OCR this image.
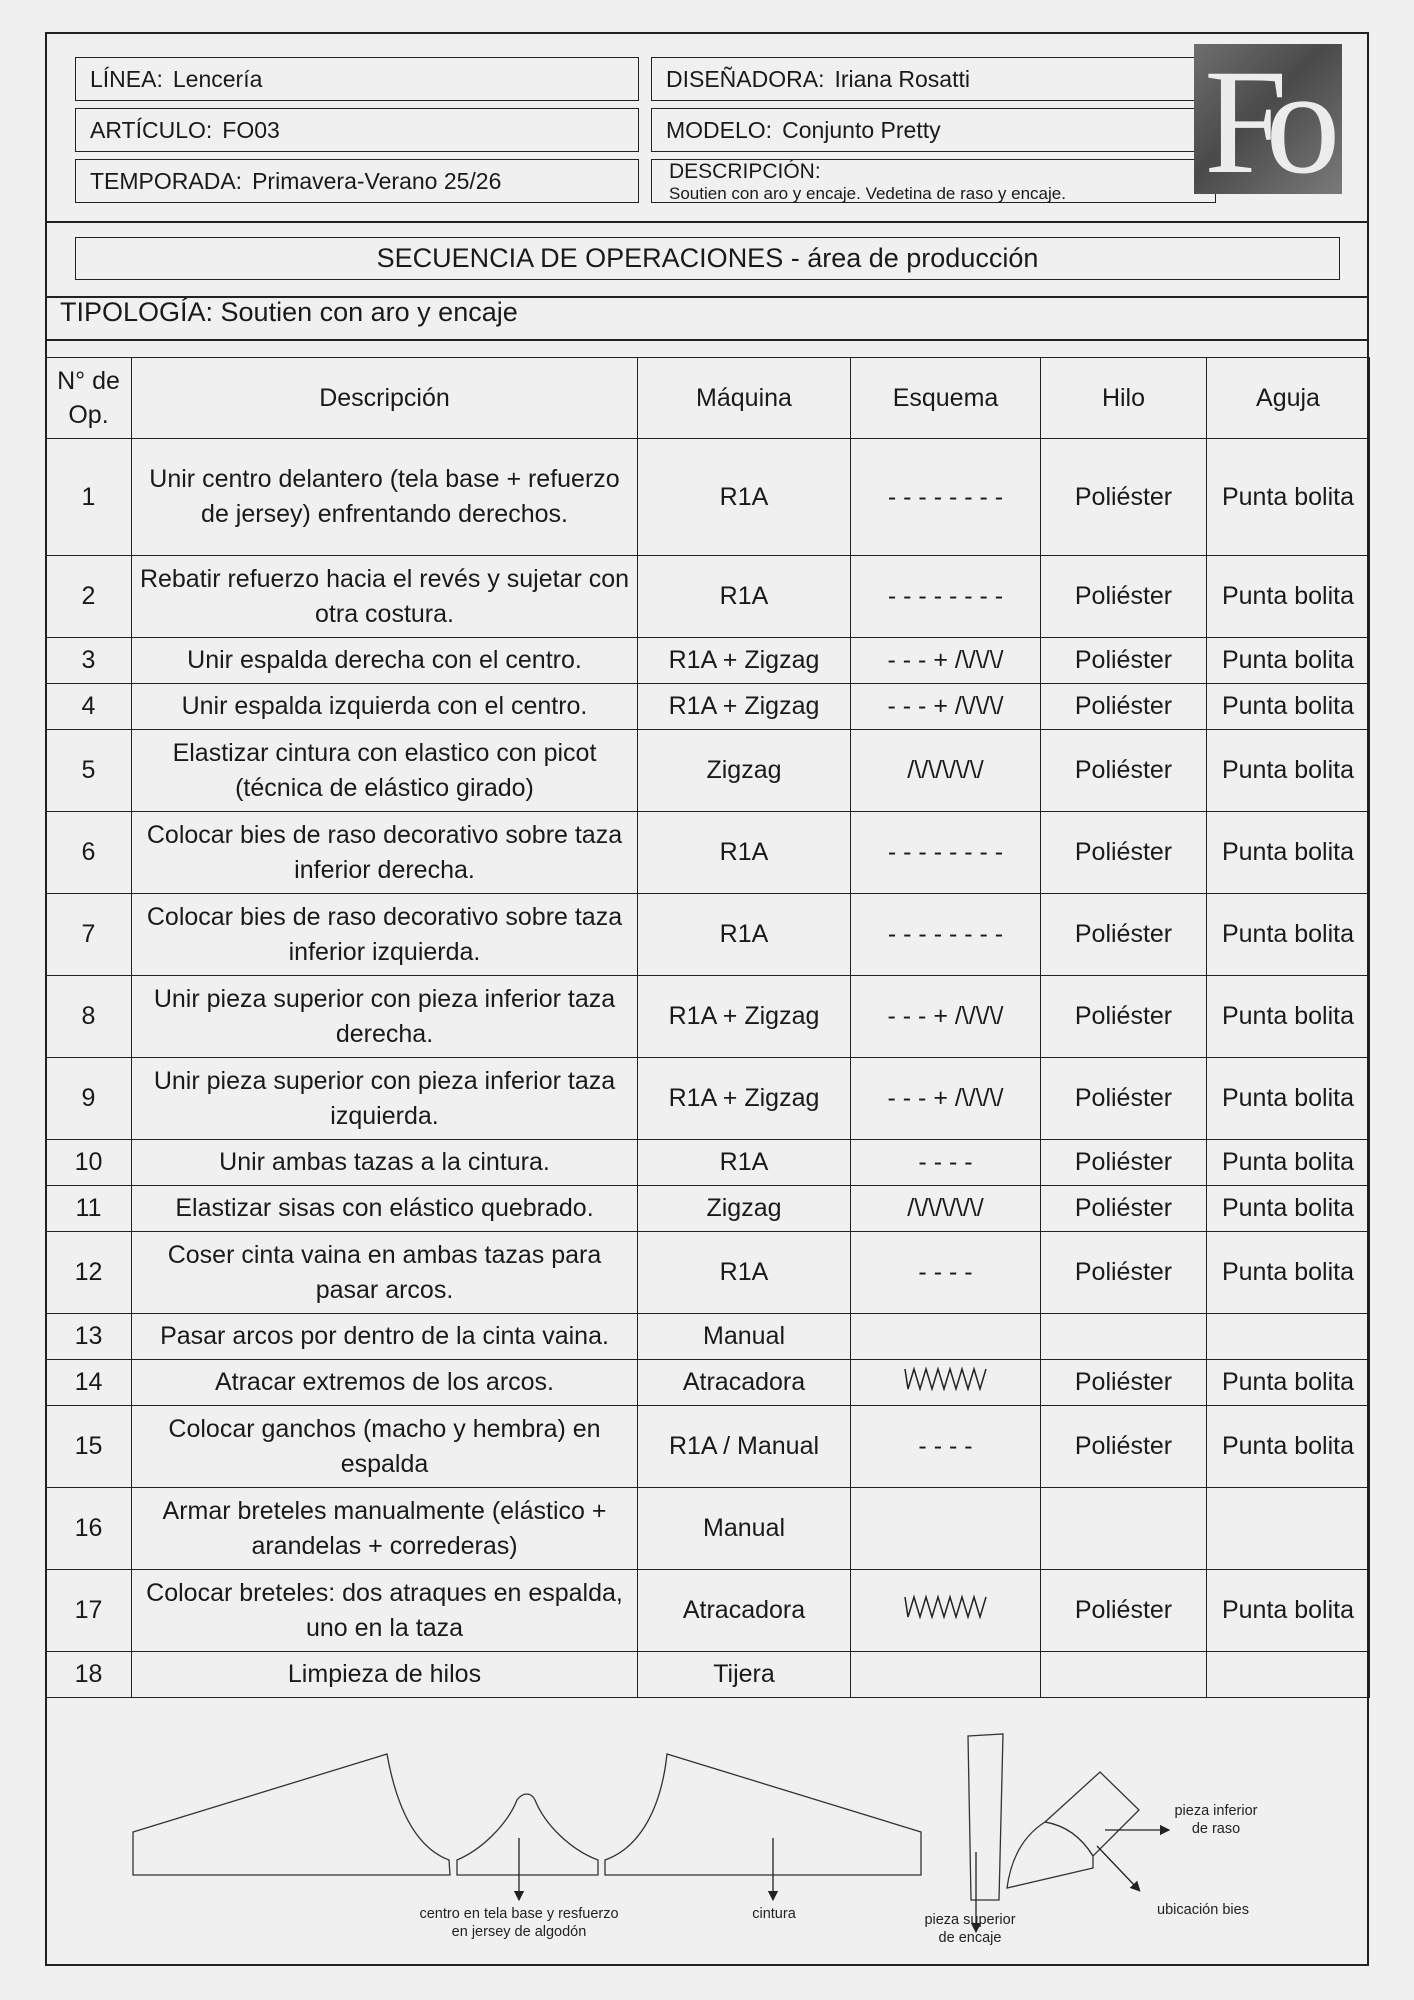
LÍNEA: Lencería
ARTÍCULO: FO03
TEMPORADA: Primavera-Verano 25/26
DISEÑADORA: Iriana Rosatti
MODELO: Conjunto Pretty
DESCRIPCIÓN:
Soutien con aro y encaje. Vedetina de raso y encaje. Fo
SECUENCIA DE OPERACIONES - área de producción
TIPOLOGÍA: Soutien con aro y encaje
N° de Op.	Descripción	Máquina	Esquema	Hilo	Aguja
1	Unir centro delantero (tela base + refuerzo de jersey) enfrentando derechos.	R1A	- - - - - - - -	Poliéster	Punta bolita
2	Rebatir refuerzo hacia el revés y sujetar con otra costura.	R1A	- - - - - - - -	Poliéster	Punta bolita
3	Unir espalda derecha con el centro.	R1A + Zigzag	- - - + /\/\/\/	Poliéster	Punta bolita
4	Unir espalda izquierda con el centro.	R1A + Zigzag	- - - + /\/\/\/	Poliéster	Punta bolita
5	Elastizar cintura con elastico con picot (técnica de elástico girado)	Zigzag	/\/\/\/\/\/	Poliéster	Punta bolita
6	Colocar bies de raso decorativo sobre taza inferior derecha.	R1A	- - - - - - - -	Poliéster	Punta bolita
7	Colocar bies de raso decorativo sobre taza inferior izquierda.	R1A	- - - - - - - -	Poliéster	Punta bolita
8	Unir pieza superior con pieza inferior taza derecha.	R1A + Zigzag	- - - + /\/\/\/	Poliéster	Punta bolita
9	Unir pieza superior con pieza inferior taza izquierda.	R1A + Zigzag	- - - + /\/\/\/	Poliéster	Punta bolita
10	Unir ambas tazas a la cintura.	R1A	- - - -	Poliéster	Punta bolita
11	Elastizar sisas con elástico quebrado.	Zigzag	/\/\/\/\/\/	Poliéster	Punta bolita
12	Coser cinta vaina en ambas tazas para pasar arcos.	R1A	- - - -	Poliéster	Punta bolita
13	Pasar arcos por dentro de la cinta vaina.	Manual			
14	Atracar extremos de los arcos.	Atracadora		Poliéster	Punta bolita
15	Colocar ganchos (macho y hembra) en espalda	R1A / Manual	- - - -	Poliéster	Punta bolita
16	Armar breteles manualmente (elástico + arandelas + correderas)	Manual			
17	Colocar breteles: dos atraques en espalda, uno en la taza	Atracadora		Poliéster	Punta bolita
18	Limpieza de hilos	Tijera			
centro en tela base y resfuerzo
en jersey de algodón
cintura	pieza superior
de encaje
pieza inferior
de raso
ubicación bies
